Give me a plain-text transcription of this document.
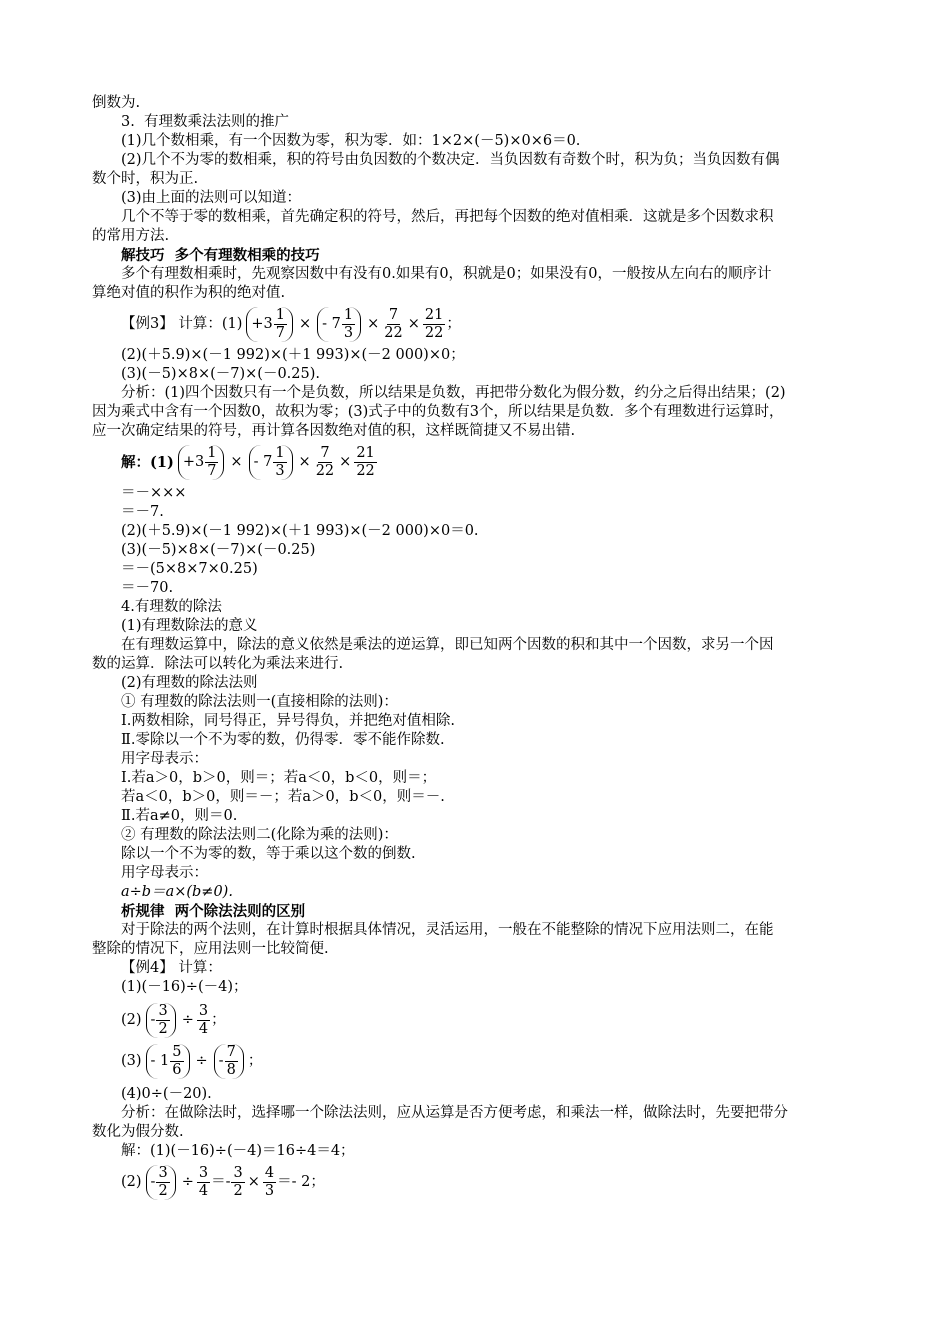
倒数为.
3.  有理数乘法法则的推广
(1)几个数相乘，有一个因数为零，积为零．如：1×2×(－5)×0×6＝0.
(2)几个不为零的数相乘，积的符号由负因数的个数决定．当负因数有奇数个时，积为负；当负因数有偶
数个时，积为正.
(3)由上面的法则可以知道：
几个不等于零的数相乘，首先确定积的符号，然后，再把每个因数的绝对值相乘．这就是多个因数求积
的常用方法.
解技巧  多个有理数相乘的技巧
多个有理数相乘时，先观察因数中有没有0.如果有0，积就是0；如果没有0，一般按从左向右的顺序计
算绝对值的积作为积的绝对值.
【例3】 计算：$(1) +3 \frac{1}{7}$ × - $7 \frac{1}{3} \times \frac{7}{22} \times \frac{21}{22}$ ；
(2)(＋5.9)×(－1 992)×(＋1 993)×(－2 000)×0；
(3)(－5)×8×(－7)×(－0.25).
分析：(1)四个因数只有一个是负数，所以结果是负数，再把带分数化为假分数，约分之后得出结果；(2)
因为乘式中含有一个因数0，故积为零；(3)式子中的负数有3个，所以结果是负数．多个有理数进行运算时，
应一次确定结果的符号，再计算各因数绝对值的积，这样既简捷又不易出错.
解：$(1) +3 \frac{1}{7}$ × - $7 \frac{1}{3} \times \frac{7}{22} \times \frac{21}{22}$
＝－×××
＝－7.
(2)(＋5.9)×(－1 992)×(＋1 993)×(－2 000)×0＝0.
(3)(－5)×8×(－7)×(－0.25)
＝－(5×8×7×0.25)
＝－70.
4.有理数的除法
(1)有理数除法的意义
在有理数运算中，除法的意义依然是乘法的逆运算，即已知两个因数的积和其中一个因数，求另一个因
数的运算．除法可以转化为乘法来进行.
(2)有理数的除法法则
① 有理数的除法法则一(直接相除的法则)：
Ⅰ.两数相除，同号得正，异号得负，并把绝对值相除.
Ⅱ.零除以一个不为零的数，仍得零．零不能作除数.
用字母表示：
Ⅰ.若a＞0，b＞0，则＝；若a＜0，b＜0，则＝；
若a＜0，b＞0，则＝－；若a＞0，b＜0，则＝－.
Ⅱ.若a≠0，则＝0.
② 有理数的除法法则二(化除为乘的法则)：
除以一个不为零的数，等于乘以这个数的倒数.
用字母表示：
a÷b＝a×(b≠0).
析规律  两个除法法则的区别
对于除法的两个法则，在计算时根据具体情况，灵活运用，一般在不能整除的情况下应用法则二，在能
整除的情况下，应用法则一比较简便.
【例4】 计算：
(1)(－16)÷(－4)；
$(2) - \frac{3}{2} \div \frac{3}{4}$ ；
$(3) - 1 \frac{5}{6}$ ÷ - $\frac{7}{8}$ ；
(4)0÷(－20).
分析：在做除法时，选择哪一个除法法则，应从运算是否方便考虑，和乘法一样，做除法时，先要把带分
数化为假分数.
解：(1)(－16)÷(－4)＝16÷4＝4；
$(2) - \frac{3}{2} \div \frac{3}{4} =- \frac{3}{2} \times \frac{4}{3} =- 2$；
